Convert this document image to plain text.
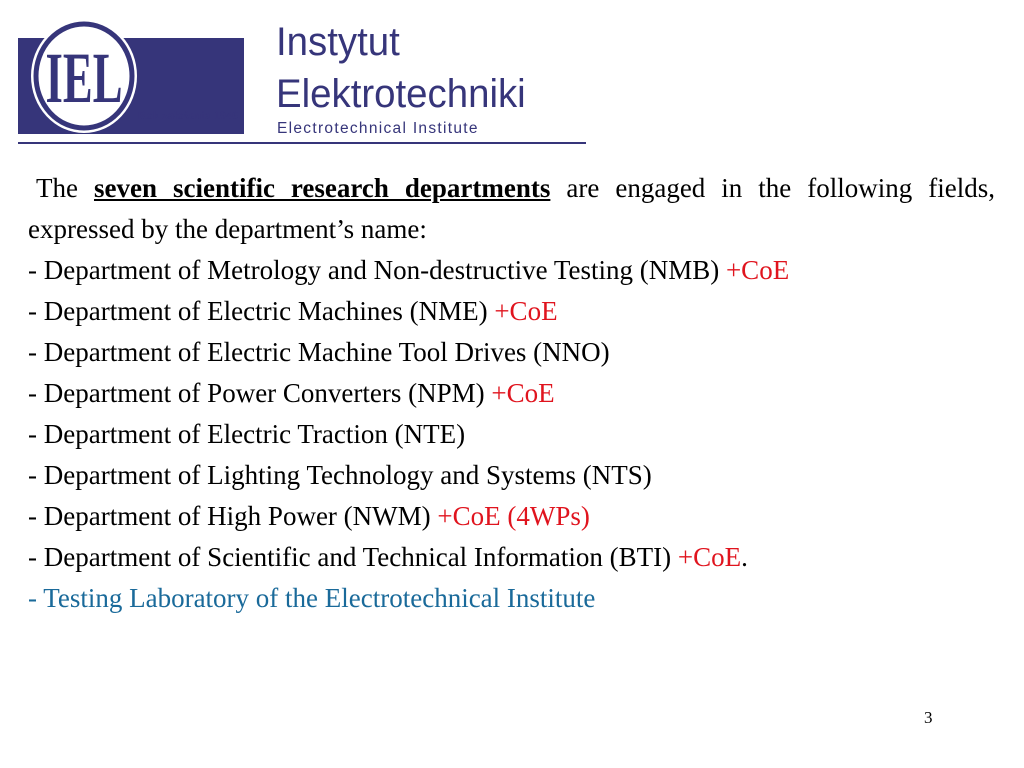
IEL	Rok założenia 1946
Instytut
Elektrotechniki
Electrotechnical Institute

The seven scientific research departments are engaged in the following fields, expressed by the department’s name:

- Department of Metrology and Non-destructive Testing (NMB) +CoE

- Department of Electric Machines (NME) +CoE

- Department of Electric Machine Tool Drives (NNO)

- Department of Power Converters (NPM) +CoE

- Department of Electric Traction (NTE)

- Department of Lighting Technology and Systems (NTS)

- Department of High Power (NWM) +CoE (4WPs)

- Department of Scientific and Technical Information (BTI) +CoE.

- Testing Laboratory of the Electrotechnical Institute

3
